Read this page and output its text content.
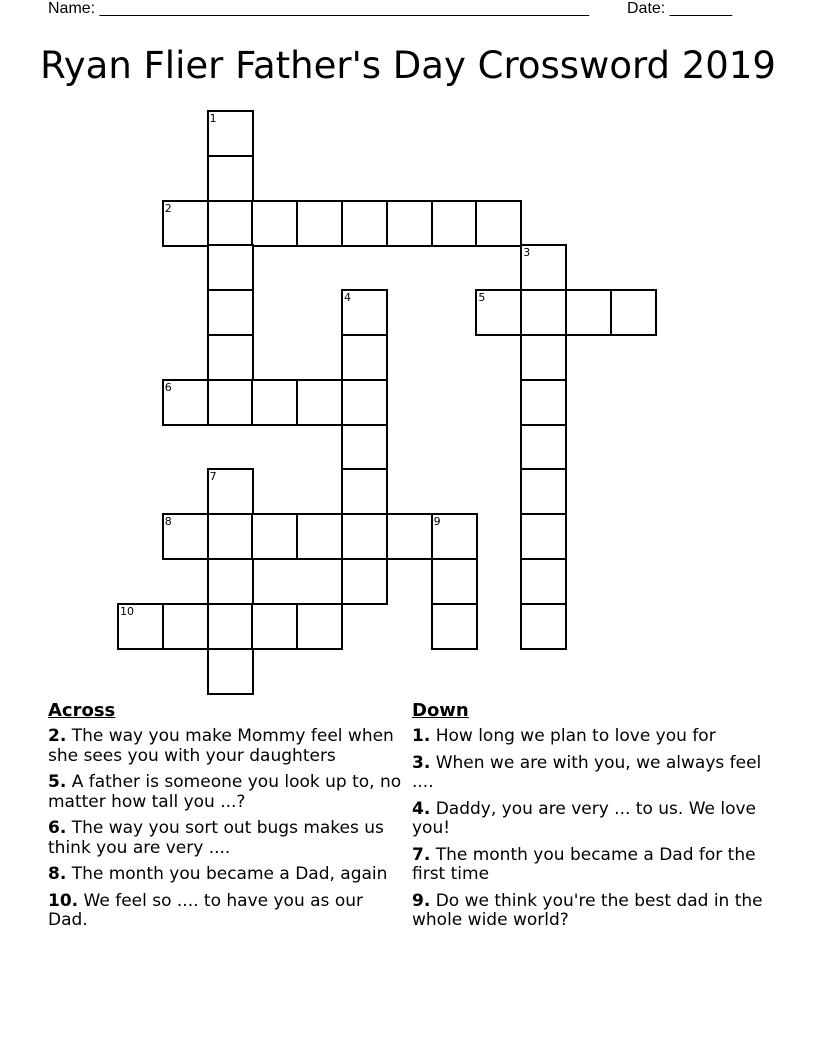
Name: _______________________________________________________ Date: _______
Ryan Flier Father's Day Crossword 2019
1
2
3
4	5
6
7
8	9
10
Across
2. The way you make Mommy feel when she sees you with your daughters
5. A father is someone you look up to, no matter how tall you ...?
6. The way you sort out bugs makes us think you are very ....
8. The month you became a Dad, again
10. We feel so .... to have you as our Dad.
Down
1. How long we plan to love you for
3. When we are with you, we always feel ....
4. Daddy, you are very ... to us. We love you!
7. The month you became a Dad for the first time
9. Do we think you're the best dad in the whole wide world?
